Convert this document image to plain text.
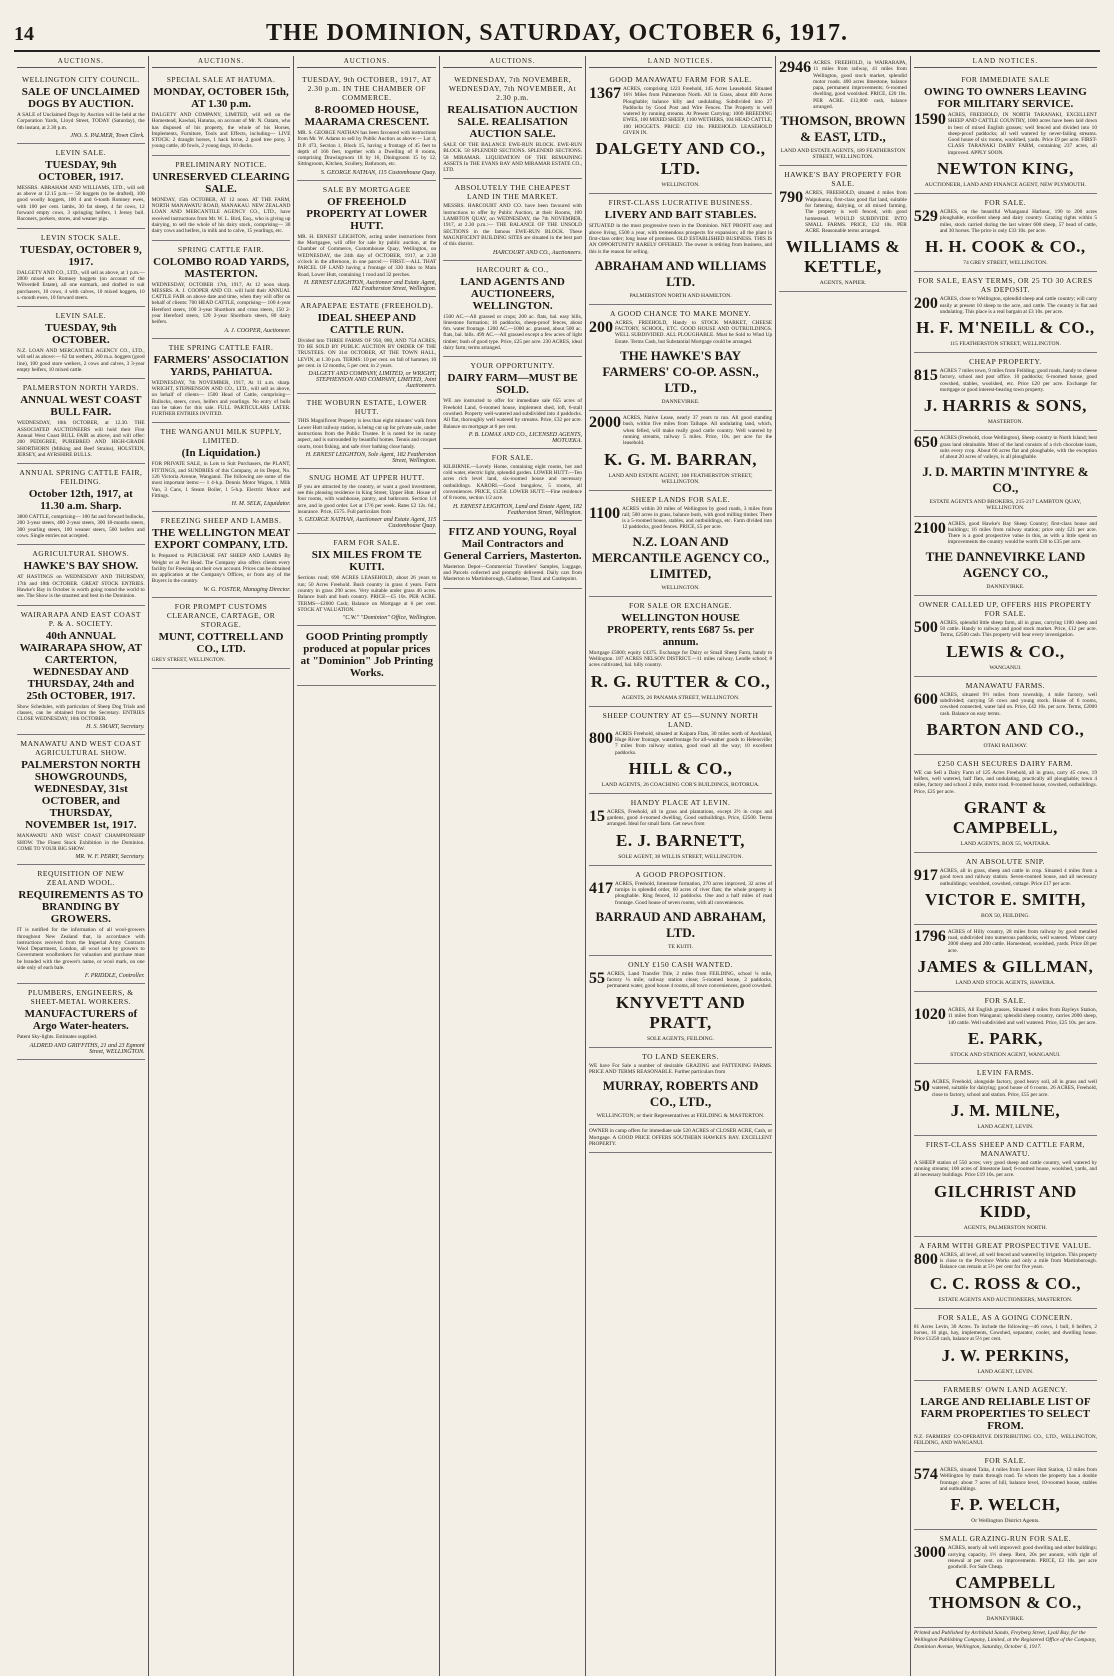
14	THE DOMINION, SATURDAY, OCTOBER 6, 1917.
AUCTIONS.
WELLINGTON CITY COUNCIL.
SALE OF UNCLAIMED DOGS BY AUCTION.

A SALE of Unclaimed Dogs by Auction will be held at the Corporation Yards, Lloyd Street, TODAY (Saturday), the 6th instant, at 2.30 p.m.

JNO. S. PALMER, Town Clerk.
LEVIN SALE.
TUESDAY, 9th OCTOBER, 1917.

MESSRS. ABRAHAM AND WILLIAMS, LTD., will sell as above at 12.15 p.m.— 50 hoggets (to be drafted), 100 good woolly hoggets, 100 4 and 6-tooth Romney ewes, with 100 per cent. lambs, 30 fat sheep, 4 fat cows, 12 forward empty cows, 3 springing heifers, 1 Jersey bull. Baconers, porkers, stores, and weaner pigs.

LEVIN STOCK SALE.
TUESDAY, OCTOBER 9, 1917.

DALGETY AND CO., LTD., will sell as above, at 1 p.m.— 2000 mixed sex Romney hoggets (on account of the Wilverdell Estate), all one earmark, and drafted to suit purchasers, 10 cows, 4 with calves, 10 mixed hoggets, 10 s.-mouth ewes, 10 forward steers.

LEVIN SALE.
TUESDAY, 9th OCTOBER.

N.Z. LOAN AND MERCANTILE AGENCY CO., LTD., will sell as above:— 62 fat wethers, 260 m.a. hoggets (good line), 100 good store wethers, 2 cows and calves, 3 3-year empty heifers, 10 mixed cattle.

PALMERSTON NORTH YARDS.
ANNUAL WEST COAST BULL FAIR.

WEDNESDAY, 10th OCTOBER, at 12.30. THE ASSOCIATED AUCTIONEERS will hold their First Annual West Coast BULL FAIR as above, and will offer: 200 PEDIGREE, PUREBRED AND HIGH-GRADE SHORTHORN (Milking and Beef Strains), HOLSTEIN, JERSEY, and AYRSHIRE BULLS.

ANNUAL SPRING CATTLE FAIR, FEILDING.
October 12th, 1917, at 11.30 a.m. Sharp.

3800 CATTLE, comprising— 100 fat and forward bullocks, 200 3-year steers, 400 2-year steers, 300 18-months steers, 300 yearling steers, 100 weaner steers, 500 heifers and cows. Single entries not accepted.

AGRICULTURAL SHOWS.
HAWKE'S BAY SHOW.

AT HASTINGS on WEDNESDAY AND THURSDAY, 17th and 18th OCTOBER. GREAT STOCK ENTRIES. Hawke's Bay in October is worth going round the world to see. The Show is the smartest and best in the Dominion.

WAIRARAPA AND EAST COAST P. & A. SOCIETY.
40th ANNUAL WAIRARAPA SHOW, AT CARTERTON, WEDNESDAY AND THURSDAY, 24th and 25th OCTOBER, 1917.

Show Schedules, with particulars of Sheep Dog Trials and classes, can be obtained from the Secretary. ENTRIES CLOSE WEDNESDAY, 10th OCTOBER.

H. S. SMART, Secretary.
MANAWATU AND WEST COAST AGRICULTURAL SHOW.
PALMERSTON NORTH SHOWGROUNDS, WEDNESDAY, 31st OCTOBER, and THURSDAY, NOVEMBER 1st, 1917.

MANAWATU AND WEST COAST CHAMPIONSHIP SHOW. The Finest Stock Exhibition in the Dominion. COME TO YOUR BIG SHOW.

MR. W. F. PERRY, Secretary.
REQUISITION OF NEW ZEALAND WOOL.
REQUIREMENTS AS TO BRANDING BY GROWERS.

IT is notified for the information of all wool-growers throughout New Zealand that, in accordance with instructions received from the Imperial Army Contracts Wool Department, London, all wool sent by growers to Government woolbrokers for valuation and purchase must be branded with the grower's name, or wool mark, on one side only of each bale.

F. PRIDDLE, Controller.
PLUMBERS, ENGINEERS, & SHEET-METAL WORKERS.
MANUFACTURERS of Argo Water-heaters.

Patent Sky-lights. Estimates supplied.

ALDRED AND GRIFFITHS, 21 and 23 Egmont Street, WELLINGTON.
AUCTIONS.
SPECIAL SALE AT HATUMA.
MONDAY, OCTOBER 15th, AT 1.30 p.m.

DALGETY AND COMPANY, LIMITED, will sell on the Homestead, Kawhai, Hatuma, on account of Mr. N. Oatam, who has disposed of his property, the whole of his Horses, Implements, Furniture, Tools and Effects, including— LIVE STOCK: 2 draught horses, 1 hack horse, 2 good tree pony, 3 young cattle, 40 fowls, 2 young dogs, 10 ducks.

PRELIMINARY NOTICE.
UNRESERVED CLEARING SALE.

MONDAY, 15th OCTOBER, AT 12 noon. AT THE FARM, NORTH MANAWATU ROAD, MANAKAU. NEW ZEALAND LOAN AND MERCANTILE AGENCY CO., LTD., have received instructions from Mr. W. L. Bird, Esq., who is giving up dairying, to sell the whole of his dairy stock, comprising— 30 dairy cows and heifers, in milk and to calve, 15 yearlings, etc.

SPRING CATTLE FAIR.
COLOMBO ROAD YARDS, MASTERTON.

WEDNESDAY, OCTOBER 17th, 1917, At 12 noon sharp. MESSRS. A. J. COOPER AND CO. will hold their ANNUAL CATTLE FAIR on above date and time, when they will offer on behalf of clients: 700 HEAD CATTLE, comprising— 100 4-year Hereford steers, 100 3-year Shorthorn and cross steers, 150 2-year Hereford steers, 120 2-year Shorthorn steers, 80 dairy heifers.

A. J. COOPER, Auctioneer.
THE SPRING CATTLE FAIR.
FARMERS' ASSOCIATION YARDS, PAHIATUA.

WEDNESDAY, 7th NOVEMBER, 1917, At 11 a.m. sharp. WRIGHT, STEPHENSON AND CO., LTD., will sell as above, on behalf of clients— 1500 Head of Cattle, comprising— Bullocks, steers, cows, heifers and yearlings. No entry of bulls can be taken for this sale. FULL PARTICULARS LATER. FURTHER ENTRIES INVITED.

THE WANGANUI MILK SUPPLY, LIMITED.
(In Liquidation.)

FOR PRIVATE SALE, in Lots to Suit Purchasers, the PLANT, FITTINGS, and SUNDRIES of this Company, at its Depot, No. 126 Victoria Avenue, Wanganui. The following are some of the most important items:— 1 4-h.p. Dennis Motor Wagon, 1 Milk Van, 3 Cans, 1 Steam Boiler, 1 5-h.p. Electric Motor and Fittings.

H. M. SELK, Liquidator.
FREEZING SHEEP AND LAMBS.
THE WELLINGTON MEAT EXPORT COMPANY, LTD.

Is Prepared to PURCHASE FAT SHEEP AND LAMBS By Weight or at Per Head. The Company also offers clients every facility for Freezing on their own account. Prices can be obtained on application at the Company's Offices, or from any of the Buyers in the country.

W. G. FOSTER, Managing Director.
FOR PROMPT CUSTOMS CLEARANCE, CARTAGE, OR STORAGE.
MUNT, COTTRELL AND CO., LTD.

GREY STREET, WELLINGTON.

AUCTIONS.
TUESDAY, 9th OCTOBER, 1917, AT 2.30 p.m. IN THE CHAMBER OF COMMERCE.
8-ROOMED HOUSE, MAARAMA CRESCENT.

MR. S. GEORGE NATHAN has been favoured with instructions from Mr. W. Adams to sell by Public Auction as above:— Lot 4, D.P. 473, Section 1, Block 15, having a frontage of 45 feet to depth of 166 feet, together with a Dwelling of 8 rooms, comprising Drawingroom 18 by 16, Diningroom 15 by 12, Sittingroom, Kitchen, Scullery, Bathroom, etc.

S. GEORGE NATHAN, 115 Customhouse Quay.
SALE BY MORTGAGEE
OF FREEHOLD PROPERTY AT LOWER HUTT.

MR. H. ERNEST LEIGHTON, acting under instructions from the Mortgagee, will offer for sale by public auction, at the Chamber of Commerce, Customhouse Quay, Wellington, on WEDNESDAY, the 24th day of OCTOBER, 1917, at 2.30 o'clock in the afternoon, in one parcel:— FIRST.—ALL THAT PARCEL OF LAND having a frontage of 330 links to Main Road, Lower Hutt, containing 1 rood and 32 perches.

H. ERNEST LEIGHTON, Auctioneer and Estate Agent, 182 Featherston Street, Wellington.
ARAPAEPAE ESTATE (FREEHOLD).
IDEAL SHEEP AND CATTLE RUN.

Divided into THREE FARMS OF 950, 880, AND 754 ACRES, TO BE SOLD BY PUBLIC AUCTION BY ORDER OF THE TRUSTEES. ON 31st OCTOBER, AT THE TOWN HALL, LEVIN, at 1.30 p.m. TERMS: 10 per cent. on fall of hammer, 10 per cent. in 12 months, 5 per cent. in 2 years.

DALGETY AND COMPANY, LIMITED, or WRIGHT, STEPHENSON AND COMPANY, LIMITED, Joint Auctioneers.
THE WOBURN ESTATE, LOWER HUTT.

THIS Magnificent Property is less than eight minutes' walk from Lower Hutt railway station, is being cut up for private sale, under instructions from the Public Trustee. It is noted for its sunny aspect, and is surrounded by beautiful homes. Tennis and croquet courts, trout fishing, and safe river bathing close handy.

H. ERNEST LEIGHTON, Sole Agent, 182 Featherston Street, Wellington.
SNUG HOME AT UPPER HUTT.

IF you are attracted by the country, or want a good investment, see this pleasing residence in King Street, Upper Hutt. House of four rooms, with washhouse, pantry, and bathroom. Section 1/4 acre, and in good order. Let at 17/6 per week. Rates £2 12s. 6d.; insurance. Price, £575. Full particulars from

S. GEORGE NATHAN, Auctioneer and Estate Agent, 115 Customhouse Quay.
FARM FOR SALE.
SIX MILES FROM TE KUITI.

Sections road; 690 ACRES LEASEHOLD, about 26 years to run; 50 Acres Freehold. Bush country in grass 4 years. Farm country in grass 290 acres. Very suitable under grass 40 acres. Balance bush and bush country. PRICE—£5 10s. PER ACRE. TERMS—£2000 Cash; Balance on Mortgage at 6 per cent. STOCK AT VALUATION.

"C.W." "Dominion" Office, Wellington.
GOOD Printing promptly produced at popular prices at "Dominion" Job Printing Works.
AUCTIONS.
WEDNESDAY, 7th NOVEMBER, WEDNESDAY, 7th NOVEMBER, At 2.30 p.m.
REALISATION AUCTION SALE. REALISATION AUCTION SALE.

SALE OF THE BALANCE EWE-RUN BLOCK. EWE-RUN BLOCK. 58 SPLENDID SECTIONS. SPLENDID SECTIONS. 58 MIRAMAR. LIQUIDATION OF THE REMAINING ASSETS In THE EVANS BAY AND MIRAMAR ESTATE CO., LTD.

ABSOLUTELY THE CHEAPEST LAND IN THE MARKET.

MESSRS. HARCOURT AND CO. have been favoured with instructions to offer by Public Auction, at their Rooms, 100 LAMBTON QUAY, on WEDNESDAY, the 7th NOVEMBER, 1917, at 2.30 p.m.:— THE BALANCE OF THE UNSOLD SECTIONS in the famous EWE-RUN BLOCK. These MAGNIFICENT BUILDING SITES are situated in the best part of this district.

HARCOURT AND CO., Auctioneers.
HARCOURT & CO.,
LAND AGENTS AND AUCTIONEERS, WELLINGTON.

1500 AC.—All grassed or crops; 200 ac. flats, bal. easy hills, limestone formation; 16 paddocks, sheep-proof fences, about 6m. water frontage. 1200 AC.—1000 ac. grassed, about 500 ac. flats, bal. hills. 499 AC.—All grassed except a few acres of light timber; bush of good type. Price, £25 per acre. 230 ACRES, ideal dairy farm; terms arranged.

YOUR OPPORTUNITY.
DAIRY FARM—MUST BE SOLD.

WE are instructed to offer for immediate sale 655 acres of Freehold Land, 6-roomed house, implement shed, loft, 6-stall cowshed. Property well-watered and subdivided into 4 paddocks. All flat, thoroughly well watered by streams. Price, £32 per acre. Balance on mortgage at 6 per cent.

P. B. LOMAX AND CO., LICENSED AGENTS, MOTUEKA.
FOR SALE.

KILBIRNIE.—Lovely Home, containing eight rooms, hot and cold water, electric light, splendid garden. LOWER HUTT.—Ten acres rich level land, six-roomed house and necessary outbuildings. KARORI.—Good bungalow, 5 rooms, all conveniences. PRICE, £1250. LOWER HUTT.—Fine residence of 8 rooms, section 1/2 acre.

H. ERNEST LEIGHTON, Land and Estate Agent, 182 Featherston Street, Wellington.
FITZ AND YOUNG, Royal Mail Contractors and General Carriers, Masterton.

Masterton Depot—Commercial Travellers' Samples, Luggage, and Parcels collected and promptly delivered. Daily cars from Masterton to Martinborough, Gladstone, Tinui and Castlepoint.

LAND NOTICES.
GOOD MANAWATU FARM FOR SALE.
1367 ACRES, comprising 1223 Freehold, 145 Acres Leasehold. Situated 16½ Miles from Palmerston North. All in Grass, about 400 Acres Ploughable; balance hilly and undulating. Subdivided into 27 Paddocks by Good Post and Wire Fences. The Property is well watered by running streams. At Present Carrying: 1000 BREEDING EWES, 100 MIXED SHEEP, 1100 WETHERS, 104 HEAD CATTLE, 100 HOGGETS. PRICE: £32 10s. FREEHOLD. LEASEHOLD GIVEN IN.
DALGETY AND CO., LTD.
WELLINGTON.
FIRST-CLASS LUCRATIVE BUSINESS.
LIVERY AND BAIT STABLES.

SITUATED in the most progressive town in the Dominion. NET PROFIT easy and above living, £500 a year, with tremendous prospects for expansion; all the plant in first-class order; long lease of premises. OLD ESTABLISHED BUSINESS. THIS IS AN OPPORTUNITY RARELY OFFERED. The owner is retiring from business, and this is the reason for selling.

ABRAHAM AND WILLIAMS LTD.
PALMERSTON NORTH AND HAMILTON.
A GOOD CHANCE TO MAKE MONEY.
200 ACRES, FREEHOLD, Handy to STOCK MARKET, CHEESE FACTORY, SCHOOL, ETC. GOOD HOUSE AND OUTBUILDINGS. WELL SUBDIVIDED. ALL PLOUGHABLE. Must be Sold to Wind Up Estate. Terms Cash, but Substantial Mortgage could be arranged.
THE HAWKE'S BAY FARMERS' CO-OP. ASSN., LTD.,
DANNEVIRKE.
2000 ACRES, Native Lease, nearly 37 years to run. All good standing bush, within five miles from Taihape. All undulating land, which, when felled, will make really good cattle country. Well watered by running streams, railway 5 miles. Price, 10s. per acre for the leasehold.
K. G. M. BARRAN,
LAND AND ESTATE AGENT, 108 FEATHERSTON STREET, WELLINGTON.
SHEEP LANDS FOR SALE.
1100 ACRES within 20 miles of Wellington by good roads, 3 miles from rail; 500 acres in grass, balance bush, with good milling timber. There is a 5-roomed house, stables, and outbuildings, etc. Farm divided into 12 paddocks, good fences. PRICE, £5 per acre.
N.Z. LOAN AND MERCANTILE AGENCY CO., LIMITED,
WELLINGTON.
FOR SALE OR EXCHANGE.
WELLINGTON HOUSE PROPERTY, rents £687 5s. per annum.

Mortgage £5000; equity £4375. Exchange for Dairy or Small Sheep Farm, handy to Wellington. 187 ACRES NELSON DISTRICT.—11 miles railway, Lendle school; 8 acres cultivated, bal. hilly country.

R. G. RUTTER & CO.,
AGENTS, 26 PANAMA STREET, WELLINGTON.
SHEEP COUNTRY AT £5—SUNNY NORTH LAND.
800 ACRES Freehold, situated at Kaipara Flats, 30 miles north of Auckland, Huge River frontage, waterfrontage for all-weather goods to Helensville; 7 miles from railway station, good road all the way; 10 excellent paddocks.
HILL & CO.,
LAND AGENTS, 26 COACHING COR'S BUILDINGS, ROTORUA.
HANDY PLACE AT LEVIN.
15 ACRES, Freehold, all in grass and plantations, except 2½ in crops and gardens, good 4-roomed dwelling, Good outbuildings. Price, £2500. Terms arranged. Ideal for small farm. Get news from
E. J. BARNETT,
SOLE AGENT, 38 WILLIS STREET, WELLINGTON.
A GOOD PROPOSITION.
417 ACRES, Freehold, limestone formation, 270 acres improved, 32 acres of turnips in splendid order, 60 acres of river flats; the whole property is ploughable. Ring fenced, 12 paddocks. One and a half miles of road frontage. Good house of seven rooms, with all conveniences.
BARRAUD AND ABRAHAM, LTD.
TE KUITI.
ONLY £150 CASH WANTED.
55 ACRES, Land Transfer Title, 2 miles from FEILDING, school ¼ mile, factory ¼ mile; railway station close; 5-roomed house, 2 paddocks, permanent water, good house 4 rooms, all town conveniences, good cowshed.
KNYVETT AND PRATT,
SOLE AGENTS, FEILDING.
TO LAND SEEKERS.

WE have For Sale a number of desirable GRAZING and FATTENING FARMS. PRICE AND TERMS REASONABLE. Further particulars from

MURRAY, ROBERTS AND CO., LTD.,
WELLINGTON; or their Representatives at FEILDING & MASTERTON.

OWNER in camp offers for immediate sale 520 ACRES of CLOSER ACRE, Cash, or Mortgage. A GOOD PRICE OFFERS SOUTHERN HAWKE'S BAY. EXCELLENT PROPERTY.

2946 ACRES. FREEHOLD, in WAIRARAPA, 11 miles from railway, 41 miles from Wellington, good stock market, splendid motor roads. 400 acres limestone, balance papa, permanent improvements; 6-roomed dwelling, good woolshed. PRICE, £20 10s. PER ACRE. £12,000 cash, balance arranged.
THOMSON, BROWN & EAST, LTD.,
LAND AND ESTATE AGENTS, 189 FEATHERSTON STREET, WELLINGTON.
HAWKE'S BAY PROPERTY FOR SALE.
790 ACRES, FREEHOLD, situated 4 miles from Waipukurau, first-class good flat land, suitable for fattening, dairying, or all mixed farming. The property is well fenced, with good homestead. WOULD SUBDIVIDE INTO SMALL FARMS. PRICE, £32 10s. PER ACRE. Reasonable terms arranged.
WILLIAMS & KETTLE,
AGENTS, NAPIER.
LAND NOTICES.
FOR IMMEDIATE SALE
OWING TO OWNERS LEAVING FOR MILITARY SERVICE.
1590 ACRES, FREEHOLD, IN NORTH TARANAKI, EXCELLENT SHEEP AND CATTLE COUNTRY, 1000 acres have been laid down in best of mixed English grasses; well fenced and divided into 10 sheep-proof paddocks; all well watered by never-failing streams. Good house of six rooms, woolshed, yards. Price £9 per acre. FIRST-CLASS TARANAKI DAIRY FARM, containing 237 acres, all improved. APPLY SOON.
NEWTON KING,
AUCTIONEER, LAND AND FINANCE AGENT, NEW PLYMOUTH.
FOR SALE.
529 ACRES, on the beautiful Whanganui Harbour, 190 to 200 acres ploughable, excellent sheep and dairy country. Grazing rights within 5 miles, stock carried during the last winter 600 sheep, 57 head of cattle, and 30 horses. The price is only £33 10s. per acre.
H. H. COOK & CO.,
74 GREY STREET, WELLINGTON.
FOR SALE, EASY TERMS, OR 25 TO 30 ACRES AS DEPOSIT.
200 ACRES, close to Wellington, splendid sheep and cattle country; will carry easily at present 10 sheep to the acre, and cattle. The country is flat and undulating. This place is a real bargain at £3 10s. per acre.
H. F. M'NEILL & CO.,
115 FEATHERSTON STREET, WELLINGTON.
CHEAP PROPERTY.
815 ACRES 7 miles town, 9 miles from Feilding; good roads, handy to cheese factory, school and post office. 10 paddocks; 6-roomed house, good cowshed, stables, woolshed, etc. Price £20 per acre. Exchange for mortgage or good interest-bearing town property.
J. HARRIS & SONS,
MASTERTON.
650 ACRES (Freehold, close Wellington), Sheep country in North Island; best grass land obtainable. Most of the land consists of a rich chocolate loam, suits every crop. About 60 acres flat and ploughable, with the exception of about 20 acres of valleys, is all ploughable.
J. D. MARTIN M'INTYRE & CO.,
ESTATE AGENTS AND BROKERS, 215-217 LAMBTON QUAY, WELLINGTON.
2100 ACRES, good Hawke's Bay Sheep Country; first-class house and buildings; 16 miles from railway station; price only £21 per acre. There is a good prospective value in this, as with a little spent on improvements the country would be worth £30 to £35 per acre.
THE DANNEVIRKE LAND AGENCY CO.,
DANNEVIRKE.
OWNER CALLED UP, OFFERS HIS PROPERTY FOR SALE.
500 ACRES, splendid little sheep farm, all in grass, carrying 1100 sheep and 50 cattle. Handy to railway and good stock market. Price, £12 per acre. Terms, £2500 cash. This property will bear every investigation.
LEWIS & CO.,
WANGANUI.
MANAWATU FARMS.
600 ACRES, situated 9½ miles from township, 4 mile factory, well subdivided; carrying 56 cows and young stock. House of 6 rooms, cowshed connected, water laid on. Price, £42 10s. per acre. Terms, £2000 cash. Balance on easy terms.
BARTON AND CO.,
OTAKI RAILWAY.
£250 CASH SECURES DAIRY FARM.

WE can Sell a Dairy Farm of 125 Acres Freehold, all in grass, carry 45 cows, 19 heifers, well watered, half flats, and undulating, practically all ploughable; town 4 miles, factory and school 2 mile, motor road. 8-roomed house, cowshed, outbuildings. Price, £25 per acre.

GRANT & CAMPBELL,
LAND AGENTS, BOX 55, WAITARA.
AN ABSOLUTE SNIP.
917 ACRES, all in grass, sheep and cattle in crop. Situated 4 miles from a good town and railway station. Seven-roomed house, and all necessary outbuildings; woolshed, cowshed, cottage. Price £17 per acre.
VICTOR E. SMITH,
BOX 50, FEILDING.
1796 ACRES of Hilly country, 28 miles from railway by good metalled road, subdivided into numerous paddocks, well watered. Winter carry 2000 sheep and 200 cattle. Homestead, woolshed, yards. Price £8 per acre.
JAMES & GILLMAN,
LAND AND STOCK AGENTS, HAWERA.
FOR SALE.
1020 ACRES, All English grasses, Situated 4 miles from Bayleys Station, 11 miles from Wanganui; splendid sheep country, carries 2000 sheep, 140 cattle. Well subdivided and well watered. Price, £25 10s. per acre.
E. PARK,
STOCK AND STATION AGENT, WANGANUI.
LEVIN FARMS.
50 ACRES, Freehold, alongside factory, good heavy soil, all in grass and well watered, suitable for dairying; good house of 6 rooms. 26 ACRES, Freehold, close to factory, school and station. Price, £55 per acre.
J. M. MILNE,
LAND AGENT, LEVIN.
FIRST-CLASS SHEEP AND CATTLE FARM, MANAWATU.

A SHEEP station of 550 acres; very good sheep and cattle country, well watered by running streams; 100 acres of limestone land; 6-roomed house, woolshed, yards, and all necessary buildings. Price £19 10s. per acre.

GILCHRIST AND KIDD,
AGENTS, PALMERSTON NORTH.
A FARM WITH GREAT PROSPECTIVE VALUE.
800 ACRES, all level, all well fenced and watered by irrigation. This property is close to the Province Works and only a mile from Martinborough. Balance can remain at 5½ per cent for five years.
C. C. ROSS & CO.,
ESTATE AGENTS AND AUCTIONEERS, MASTERTON.
FOR SALE, AS A GOING CONCERN.

81 Acres Levin, 30 Acres. To include the following—46 cows, 1 bull, 6 heifers, 2 horses, 16 pigs, hay, implements, Cowshed, separator, cooler, and dwelling house. Price £1250 cash, balance at 5½ per cent.

J. W. PERKINS,
LAND AGENT, LEVIN.
FARMERS' OWN LAND AGENCY.
LARGE AND RELIABLE LIST OF FARM PROPERTIES TO SELECT FROM.

N.Z. FARMERS' CO-OPERATIVE DISTRIBUTING CO., LTD., WELLINGTON, FEILDING, AND WANGANUI.

FOR SALE.
574 ACRES, situated Taita, 4 miles from Lower Hutt Station, 12 miles from Wellington by main through road. To whom the property has a double frontage; about 7 acres of hill, balance level, 10-roomed house, stables and outbuildings.
F. P. WELCH,
Or Wellington District Agents.
SMALL GRAZING-RUN FOR SALE.
3000 ACRES, nearly all well improved: good dwelling and other buildings; carrying capacity, 1½ sheep. Rent, 20s per annum, with right of renewal at per cent. on improvements. PRICE, £3 10s. per acre goodwill. For Sale Cheap.
CAMPBELL THOMSON & CO.,
DANNEVIRKE.
Printed and Published by Archibald Sando, Freyberg Street, Lyall Bay, for the Wellington Publishing Company, Limited, at the Registered Office of the Company, Dominion Avenue, Wellington, Saturday, October 6, 1917.
